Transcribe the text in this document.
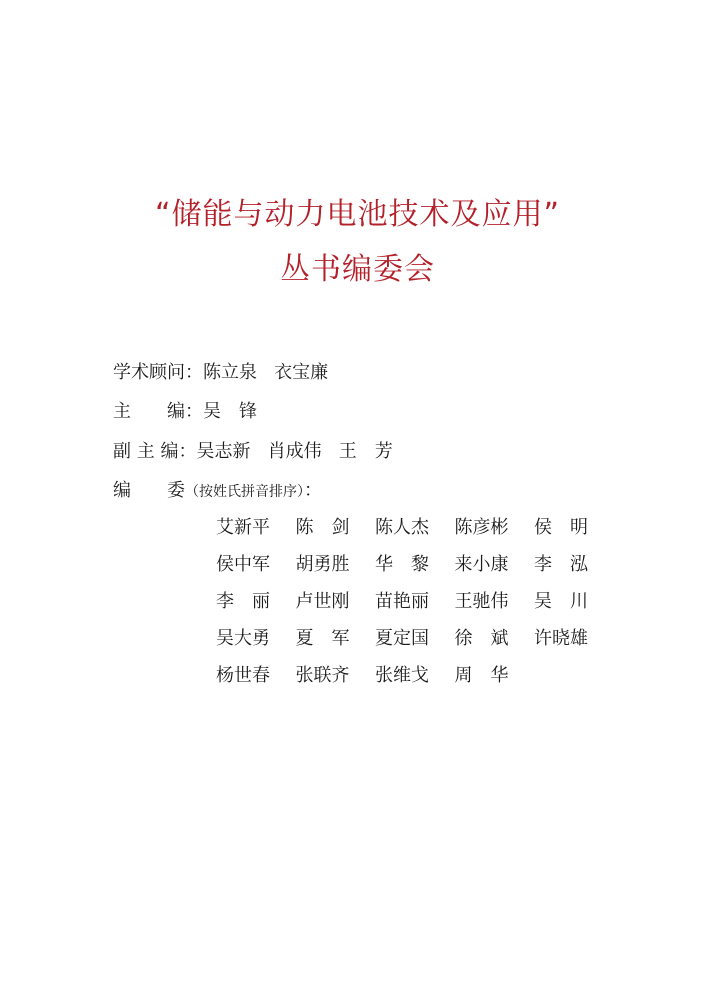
“储能与动力电池技术及应用”
丛书编委会
学术顾问：陈立泉 衣宝廉
主　　编：吴　锋
副 主 编：吴志新 肖成伟 王　芳
编　　委（按姓氏拼音排序）：
艾新平 陈　剑 陈人杰 陈彦彬 侯　明
侯中军 胡勇胜 华　黎 来小康 李　泓
李　丽 卢世刚 苗艳丽 王驰伟 吴　川
吴大勇 夏　军 夏定国 徐　斌 许晓雄
杨世春 张联齐 张维戈 周　华
